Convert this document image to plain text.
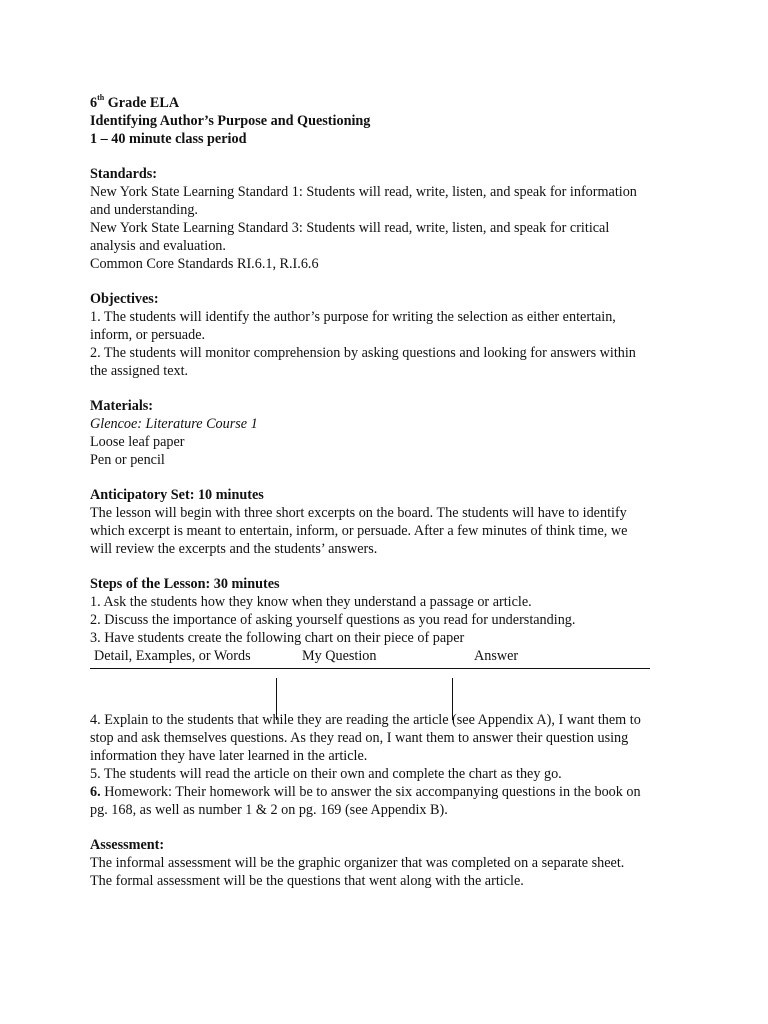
6th Grade ELA
Identifying Author’s Purpose and Questioning
1 – 40 minute class period
Standards:
New York State Learning Standard 1: Students will read, write, listen, and speak for information
and understanding.
New York State Learning Standard 3: Students will read, write, listen, and speak for critical
analysis and evaluation.
Common Core Standards RI.6.1, R.I.6.6
Objectives:
1. The students will identify the author’s purpose for writing the selection as either entertain,
inform, or persuade.
2. The students will monitor comprehension by asking questions and looking for answers within
the assigned text.
Materials:
Glencoe: Literature Course 1
Loose leaf paper
Pen or pencil
Anticipatory Set: 10 minutes
The lesson will begin with three short excerpts on the board. The students will have to identify
which excerpt is meant to entertain, inform, or persuade. After a few minutes of think time, we
will review the excerpts and the students’ answers.
Steps of the Lesson: 30 minutes
1. Ask the students how they know when they understand a passage or article.
2. Discuss the importance of asking yourself questions as you read for understanding.
3. Have students create the following chart on their piece of paper
Detail, Examples, or Words	My Question	Answer
4. Explain to the students that while they are reading the article (see Appendix A), I want them to
stop and ask themselves questions. As they read on, I want them to answer their question using
information they have later learned in the article.
5. The students will read the article on their own and complete the chart as they go.
6. Homework: Their homework will be to answer the six accompanying questions in the book on
pg. 168, as well as number 1 & 2 on pg. 169 (see Appendix B).
Assessment:
The informal assessment will be the graphic organizer that was completed on a separate sheet.
The formal assessment will be the questions that went along with the article.
